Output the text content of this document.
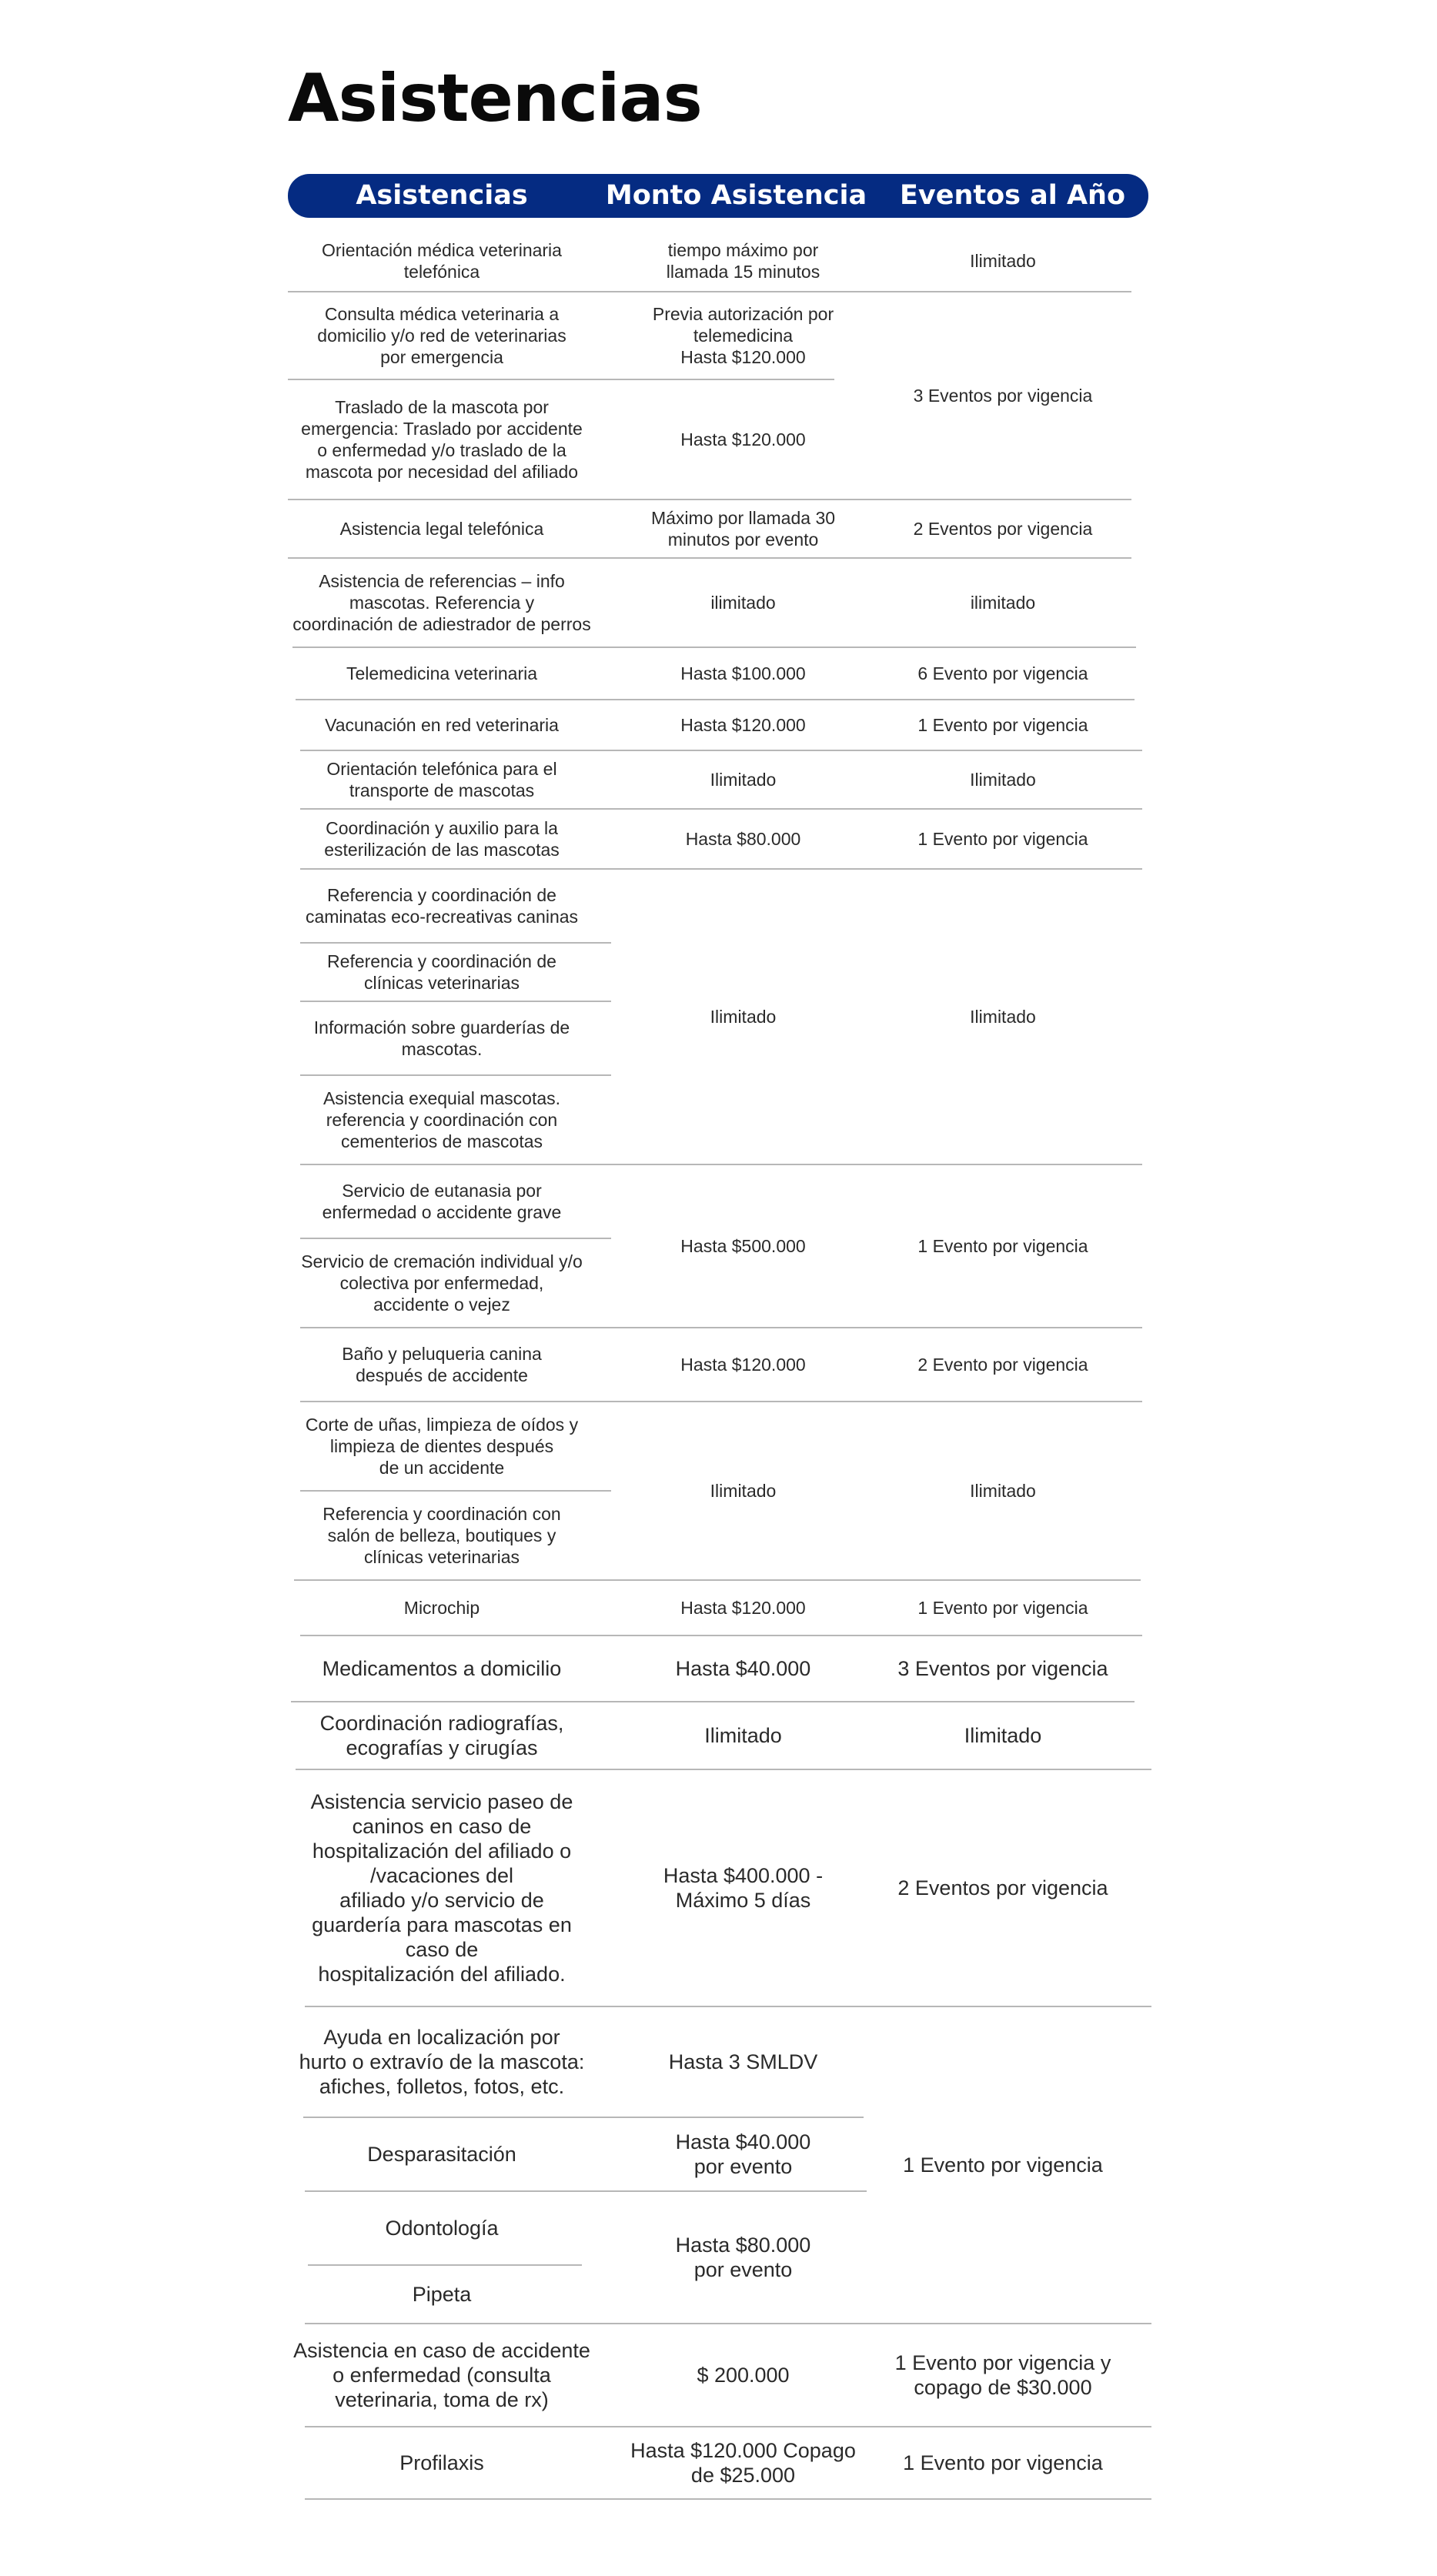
Asistencias
Asistencias	Monto Asistencia	Eventos al Año
Orientación médica veterinaria
telefónica
Consulta médica veterinaria a
domicilio y/o red de veterinarias
por emergencia
Traslado de la mascota por
emergencia: Traslado por accidente
o enfermedad y/o traslado de la
mascota por necesidad del afiliado
Asistencia legal telefónica
Asistencia de referencias – info
mascotas. Referencia y
coordinación de adiestrador de perros
Telemedicina veterinaria
Vacunación en red veterinaria
Orientación telefónica para el
transporte de mascotas
Coordinación y auxilio para la
esterilización de las mascotas
Referencia y coordinación de
caminatas eco-recreativas caninas
Referencia y coordinación de
clínicas veterinarias
Información sobre guarderías de
mascotas.
Asistencia exequial mascotas.
referencia y coordinación con
cementerios de mascotas
Servicio de eutanasia por
enfermedad o accidente grave
Servicio de cremación individual y/o
colectiva por enfermedad,
accidente o vejez
Baño y peluqueria canina
después de accidente
Corte de uñas, limpieza de oídos y
limpieza de dientes después
de un accidente
Referencia y coordinación con
salón de belleza, boutiques y
clínicas veterinarias
Microchip
Medicamentos a domicilio
Coordinación radiografías,
ecografías y cirugías
Asistencia servicio paseo de
caninos en caso de
hospitalización del afiliado o
/vacaciones del
afiliado y/o servicio de
guardería para mascotas en
caso de
hospitalización del afiliado.
Ayuda en localización por
hurto o extravío de la mascota:
afiches, folletos, fotos, etc.
Desparasitación
Odontología
Pipeta
Asistencia en caso de accidente
o enfermedad (consulta
veterinaria, toma de rx)
Profilaxis
tiempo máximo por
llamada 15 minutos
Previa autorización por
telemedicina
Hasta $120.000
Hasta $120.000
Máximo por llamada 30
minutos por evento
ilimitado
Hasta $100.000
Hasta $120.000
Ilimitado
Hasta $80.000
Ilimitado
Hasta $500.000
Hasta $120.000
Ilimitado
Hasta $120.000
Hasta $40.000
Ilimitado
Hasta $400.000 -
Máximo 5 días
Hasta 3 SMLDV
Hasta $40.000
por evento
Hasta $80.000
por evento
$ 200.000
Hasta $120.000 Copago
de $25.000
Ilimitado
3 Eventos por vigencia
2 Eventos por vigencia
ilimitado
6 Evento por vigencia
1 Evento por vigencia
Ilimitado
1 Evento por vigencia
Ilimitado
1 Evento por vigencia
2 Evento por vigencia
Ilimitado
1 Evento por vigencia
3 Eventos por vigencia
Ilimitado
2 Eventos por vigencia
1 Evento por vigencia
1 Evento por vigencia y
copago de $30.000
1 Evento por vigencia
